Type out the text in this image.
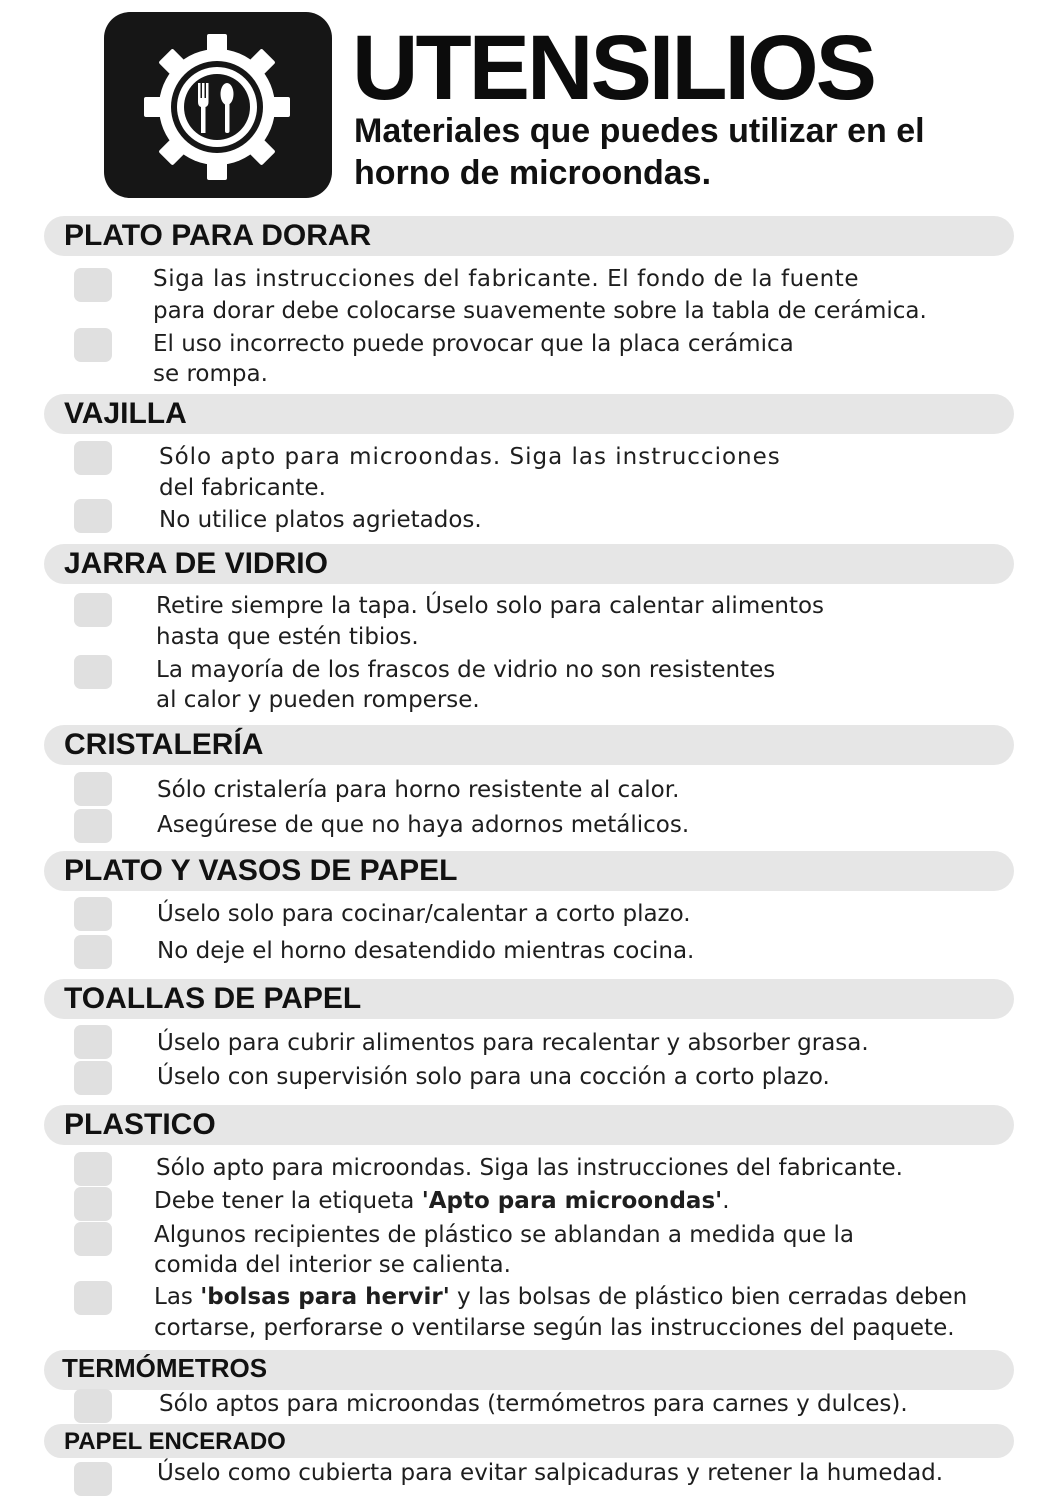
UTENSILIOS
Materiales que puedes utilizar en el horno de microondas.
PLATO PARA DORAR

Siga las instrucciones del fabricante. El fondo de la fuente

para dorar debe colocarse suavemente sobre la tabla de cerámica.

El uso incorrecto puede provocar que la placa cerámica

se rompa.

VAJILLA

Sólo apto para microondas. Siga las instrucciones

del fabricante.

No utilice platos agrietados.

JARRA DE VIDRIO

Retire siempre la tapa. Úselo solo para calentar alimentos

hasta que estén tibios.

La mayoría de los frascos de vidrio no son resistentes

al calor y pueden romperse.

CRISTALERÍA

Sólo cristalería para horno resistente al calor.

Asegúrese de que no haya adornos metálicos.

PLATO Y VASOS DE PAPEL

Úselo solo para cocinar/calentar a corto plazo.

No deje el horno desatendido mientras cocina.

TOALLAS DE PAPEL

Úselo para cubrir alimentos para recalentar y absorber grasa.

Úselo con supervisión solo para una cocción a corto plazo.

PLASTICO

Sólo apto para microondas. Siga las instrucciones del fabricante.

Debe tener la etiqueta 'Apto para microondas'.

Algunos recipientes de plástico se ablandan a medida que la

comida del interior se calienta.

Las 'bolsas para hervir' y las bolsas de plástico bien cerradas deben

cortarse, perforarse o ventilarse según las instrucciones del paquete.

TERMÓMETROS

Sólo aptos para microondas (termómetros para carnes y dulces).

PAPEL ENCERADO

Úselo como cubierta para evitar salpicaduras y retener la humedad.
